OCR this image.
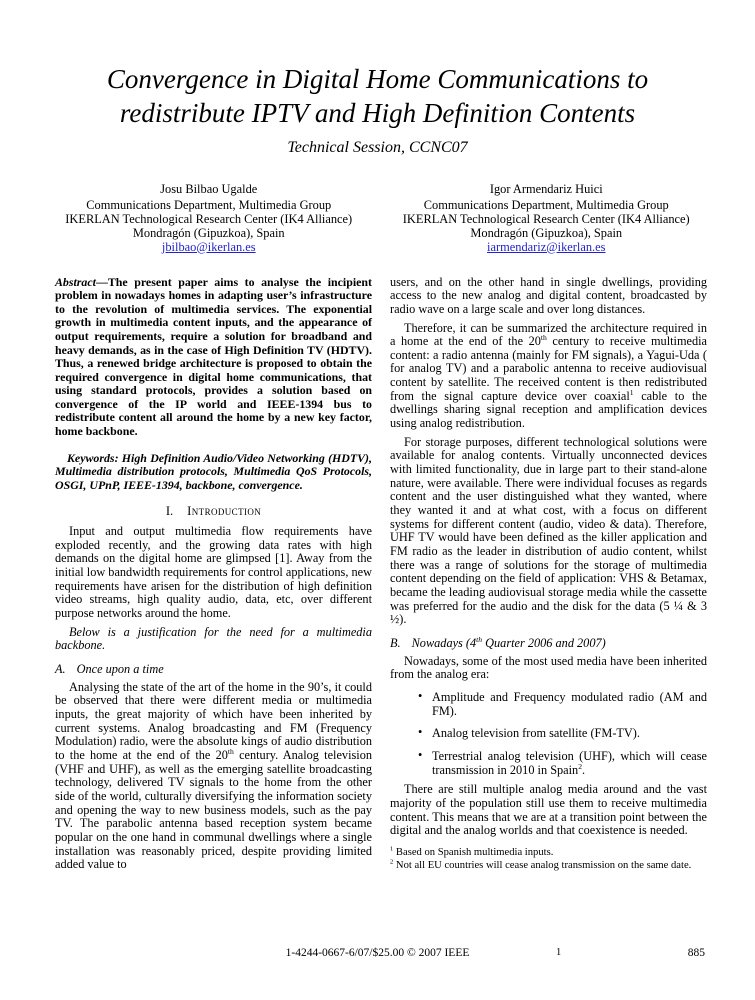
Convergence in Digital Home Communications to
redistribute IPTV and High Definition Contents
Technical Session, CCNC07
Josu Bilbao Ugalde
Communications Department, Multimedia Group
IKERLAN Technological Research Center (IK4 Alliance)
Mondragón (Gipuzkoa), Spain
jbilbao@ikerlan.es
Igor Armendariz Huici
Communications Department, Multimedia Group
IKERLAN Technological Research Center (IK4 Alliance)
Mondragón (Gipuzkoa), Spain
iarmendariz@ikerlan.es

Abstract—The present paper aims to analyse the incipient problem in nowadays homes in adapting user’s infrastructure to the revolution of multimedia services. The exponential growth in multimedia content inputs, and the appearance of output requirements, require a solution for broadband and heavy demands, as in the case of High Definition TV (HDTV). Thus, a renewed bridge architecture is proposed to obtain the required convergence in digital home communications, that using standard protocols, provides a solution based on convergence of the IP world and IEEE-1394 bus to redistribute content all around the home by a new key factor, home backbone.

Keywords: High Definition Audio/Video Networking (HDTV), Multimedia distribution protocols, Multimedia QoS Protocols, OSGI, UPnP, IEEE-1394, backbone, convergence.

I. Introduction

Input and output multimedia flow requirements have exploded recently, and the growing data rates with high demands on the digital home are glimpsed [1]. Away from the initial low bandwidth requirements for control applications, new requirements have arisen for the distribution of high definition video streams, high quality audio, data, etc, over different purpose networks around the home.

Below is a justification for the need for a multimedia backbone.

A. Once upon a time

Analysing the state of the art of the home in the 90’s, it could be observed that there were different media or multimedia inputs, the great majority of which have been inherited by current systems. Analog broadcasting and FM (Frequency Modulation) radio, were the absolute kings of audio distribution to the home at the end of the 20th century. Analog television (VHF and UHF), as well as the emerging satellite broadcasting technology, delivered TV signals to the home from the other side of the world, culturally diversifying the information society and opening the way to new business models, such as the pay TV. The parabolic antenna based reception system became popular on the one hand in communal dwellings where a single installation was reasonably priced, despite providing limited added value to

users, and on the other hand in single dwellings, providing access to the new analog and digital content, broadcasted by radio wave on a large scale and over long distances.

Therefore, it can be summarized the architecture required in a home at the end of the 20th century to receive multimedia content: a radio antenna (mainly for FM signals), a Yagui-Uda ( for analog TV) and a parabolic antenna to receive audiovisual content by satellite. The received content is then redistributed from the signal capture device over coaxial$^1$ cable to the dwellings sharing signal reception and amplification devices using analog redistribution.

For storage purposes, different technological solutions were available for analog contents. Virtually unconnected devices with limited functionality, due in large part to their stand-alone nature, were available. There were individual focuses as regards content and the user distinguished what they wanted, where they wanted it and at what cost, with a focus on different systems for different content (audio, video & data). Therefore, UHF TV would have been defined as the killer application and FM radio as the leader in distribution of audio content, whilst there was a range of solutions for the storage of multimedia content depending on the field of application: VHS & Betamax, became the leading audiovisual storage media while the cassette was preferred for the audio and the disk for the data (5 ¼ & 3 ½).

B. Nowadays (4th Quarter 2006 and 2007)

Nowadays, some of the most used media have been inherited from the analog era:

• Amplitude and Frequency modulated radio (AM and FM).
• Analog television from satellite (FM-TV).
• Terrestrial analog television (UHF), which will cease transmission in 2010 in Spain$^2$.

There are still multiple analog media around and the vast majority of the population still use them to receive multimedia content. This means that we are at a transition point between the digital and the analog worlds and that coexistence is needed.

$^1$ Based on Spanish multimedia inputs.

$^2$ Not all EU countries will cease analog transmission on the same date.

1-4244-0667-6/07/$25.00 © 2007 IEEE	1	885
